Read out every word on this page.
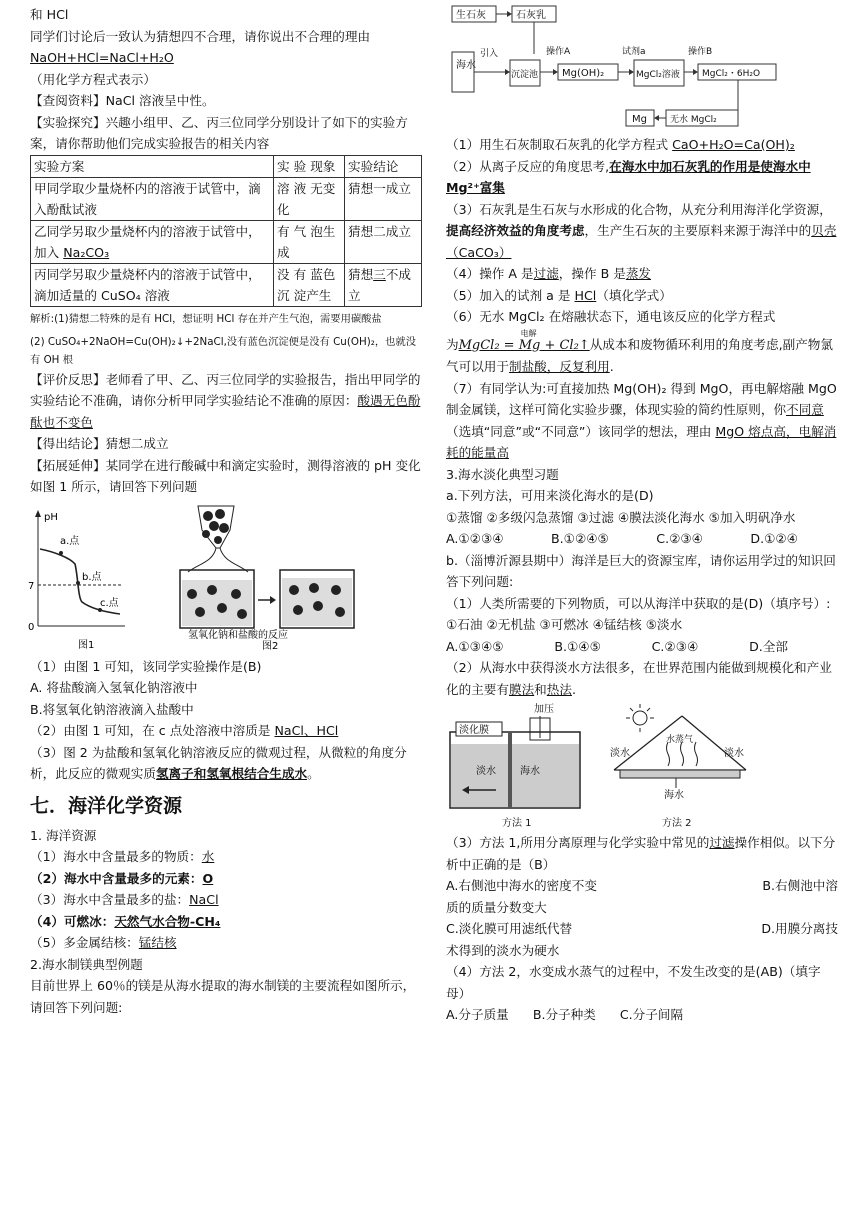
和 HCl

同学们讨论后一致认为猜想四不合理，请你说出不合理的理由 NaOH+HCl=NaCl+H₂O

（用化学方程式表示）

【查阅资料】NaCl 溶液呈中性。

【实验探究】兴趣小组甲、乙、丙三位同学分别设计了如下的实验方案，请你帮助他们完成实验报告的相关内容

实验方案	实 验 现象	实验结论
甲同学取少量烧杯内的溶液于试管中，滴入酚酞试液	溶 液 无变化	猜想一成立
乙同学另取少量烧杯内的溶液于试管中，加入 Na₂CO₃	有 气 泡生成	猜想二成立
丙同学另取少量烧杯内的溶液于试管中，滴加适量的 CuSO₄ 溶液	没 有 蓝色 沉 淀产生	猜想三不成立

解析:(1)猜想二特殊的是有 HCl，想证明 HCl 存在并产生气泡，需要用碳酸盐

(2) CuSO₄+2NaOH=Cu(OH)₂↓+2NaCl,没有蓝色沉淀便是没有 Cu(OH)₂，也就没有 OH 根

【评价反思】老师看了甲、乙、丙三位同学的实验报告，指出甲同学的实验结论不准确，请你分析甲同学实验结论不准确的原因：酸遇无色酚酞也不变色

【得出结论】猜想二成立

【拓展延伸】某同学在进行酸碱中和滴定实验时，测得溶液的 pH 变化如图 1 所示，请回答下列问题

pH
a.点
b.点
c.点
7
0
图1
氢氧化钠和盐酸的反应
图2

（1）由图 1 可知，该同学实验操作是(B)

A. 将盐酸滴入氢氧化钠溶液中

B.将氢氧化钠溶液滴入盐酸中

（2）由图 1 可知，在 c 点处溶液中溶质是 NaCl、HCl

（3）图 2 为盐酸和氢氧化钠溶液反应的微观过程，从微粒的角度分析，此反应的微观实质氢离子和氢氧根结合生成水。

七．海洋化学资源

1. 海洋资源

（1）海水中含量最多的物质：水

（2）海水中含量最多的元素：O

（3）海水中含量最多的盐：NaCl

（4）可燃冰：天然气水合物-CH₄

（5）多金属结核：锰结核

2.海水制镁典型例题

目前世界上 60％的镁是从海水提取的海水制镁的主要流程如图所示，请回答下列问题:

生石灰	石灰乳
海水
引入
沉淀池
操作A
Mg(OH)₂
试剂a
MgCl₂溶液
操作B
MgCl₂・6H₂O
无水 MgCl₂
Mg

（1）用生石灰制取石灰乳的化学方程式 CaO+H₂O=Ca(OH)₂

（2）从离子反应的角度思考,在海水中加石灰乳的作用是使海水中 Mg²⁺富集

（3）石灰乳是生石灰与水形成的化合物，从充分利用海洋化学资源，提高经济效益的角度考虑，生产生石灰的主要原料来源于海洋中的贝壳（CaCO₃）

（4）操作 A 是过滤，操作 B 是蒸发

（5）加入的试剂 a 是 HCl（填化学式）

（6）无水 MgCl₂ 在熔融状态下，通电该反应的化学方程式

为
电解
MgCl₂ = Mg + Cl₂↑从成本和废物循环利用的角度考虑,副产物氯气可以用于制盐酸，反复利用.

（7）有同学认为:可直接加热 Mg(OH)₂ 得到 MgO，再电解熔融 MgO 制金属镁，这样可简化实验步骤，体现实验的简约性原则，你不同意（选填“同意”或“不同意”）该同学的想法，理由 MgO 熔点高，电解消耗的能量高

3.海水淡化典型习题

a.下列方法，可用来淡化海水的是(D)

①蒸馏 ②多级闪急蒸馏 ③过滤 ④膜法淡化海水 ⑤加入明矾净水

A.①②③④	B.①②④⑤	C.②③④	D.①②④

b.（淄博沂源县期中）海洋是巨大的资源宝库，请你运用学过的知识回答下列问题:

（1）人类所需要的下列物质，可以从海洋中获取的是(D)（填序号）:

①石油 ②无机盐 ③可燃冰 ④锰结核 ⑤淡水

A.①③④⑤	B.①④⑤	C.②③④	D.全部

（2）从海水中获得淡水方法很多，在世界范围内能做到规模化和产业化的主要有膜法和热法.

加压
淡化膜
淡水 海水
方法 1
水蒸气
淡水	淡水
海水
方法 2

（3）方法 1,所用分离原理与化学实验中常见的过滤操作相似。以下分析中正确的是（B）

A.右侧池中海水的密度不变	B.右侧池中溶

质的质量分数变大

C.淡化膜可用滤纸代替	D.用膜分离技

术得到的淡水为硬水

（4）方法 2，水变成水蒸气的过程中，不发生改变的是(AB)（填字母）

A.分子质量 B.分子种类 C.分子间隔
